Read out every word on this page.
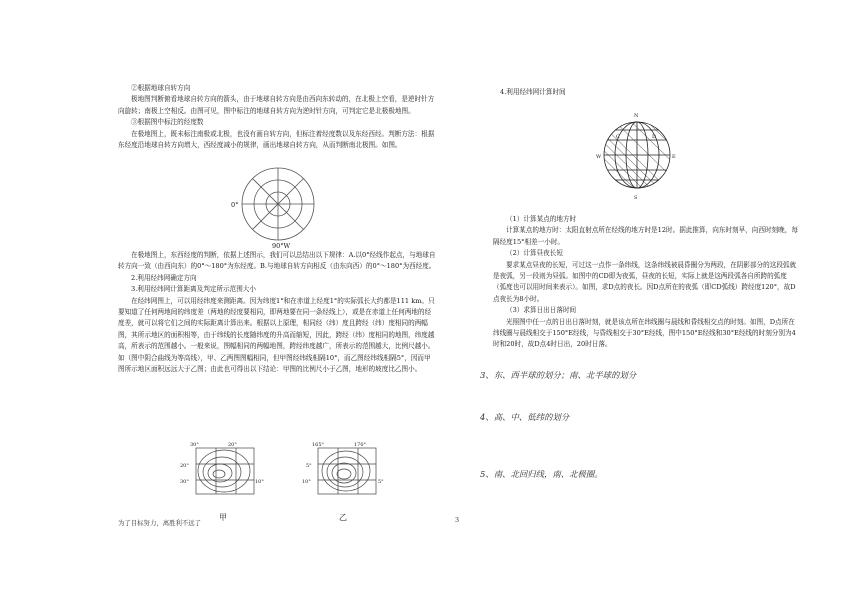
②根据地球自转方向

极地图判断俯看地球自转方向的箭头，由于地球自转方向是由西向东转动的，在北极上空看，是逆时针方向旋转；南极上空相反。由图可见，图中标注的地球自转方向为逆时针方向，可判定它是北极极地图。

③根据图中标注的经度数

在极地图上，既未标注南极或北极，也没有画自转方向，但标注着经度数以及东经西经。判断方法：根据东经度沿地球自转方向增大，西经度减小的规律，画出地球自转方向，从而判断南北极图。如图。

0°
90°W

在极地图上，东西经度的判断，依据上述图示，我们可以总结出以下规律：A.以0°经线作起点，与地球自转方向一致（由西向东）的0°～180°为东经度。B.与地球自转方向相反（由东向西）的0°～180°为西经度。

2.利用经纬网确定方向

3.利用经纬网计算距离及判定所示范围大小

在经纬网图上，可以用经纬度来测距离。因为纬度1°和在赤道上经度1°的实际弧长大约都是111 km。只要知道了任何两地间的纬度差（两地的经度要相同，即两地要在同一条经线上），或是在赤道上任何两地的经度差，就可以将它们之间的实际距离计算出来。根据以上原理，相同经（纬）度且跨经（纬）度相同的两幅图，其所示地区的面积相等，由于纬线的长度随纬度的升高而缩短，因此，跨经（纬）度相同的地图，纬度越高，所表示的范围越小。一般来说，图幅相同的两幅地图，跨经纬度越广，所表示的范围越大，比例尺越小。如（图中阴合曲线为等高线），甲、乙两图图幅相同，但甲图经纬线相隔10°，而乙图经纬线相隔5°，因而甲图所示地区面积远远大于乙图；由此也可得出以下结论：甲图的比例尺小于乙图，地形的坡度比乙图小。

30°	20°
20°
30°	10°
甲
165°	170°
5°
10°	5°
乙
4.利用经纬网计算时间
N
W	E
S
C	D

（1）计算某点的地方时

计算某点的地方时：太阳直射点所在经线的地方时是12时。据此推算，向东时刻早，向西时刻晚，每隔经度15°相差一小时。

（2）计算昼夜长短

要求某点昼夜的长短，可过这一点作一条纬线，这条纬线被晨昏圈分为两段，在阴影部分的这段弧就是夜弧，另一段则为昼弧。如图中的CD即为夜弧，昼夜的长短，实际上就是这两段弧各自所跨的弧度（弧度也可以用时间来表示）。如图，求D点的夜长。因D点所在的夜弧（即CD弧线）跨经度120°，故D点夜长为8小时。

（3）求算日出日落时间

光照图中任一点的日出日落时刻，就是该点所在纬线圈与晨线和昏线相交点的时刻。如图，D点所在纬线圈与晨线相交于150°E经线，与昏线相交于30°E经线，图中150°E经线和30°E经线的时刻分别为4时和20时，故D点4时日出，20时日落。

3、东、西半球的划分；南、北半球的划分
4、高、中、低纬的划分
5、南、北回归线，南、北极圈。
为了目标努力，离胜利不远了	3
